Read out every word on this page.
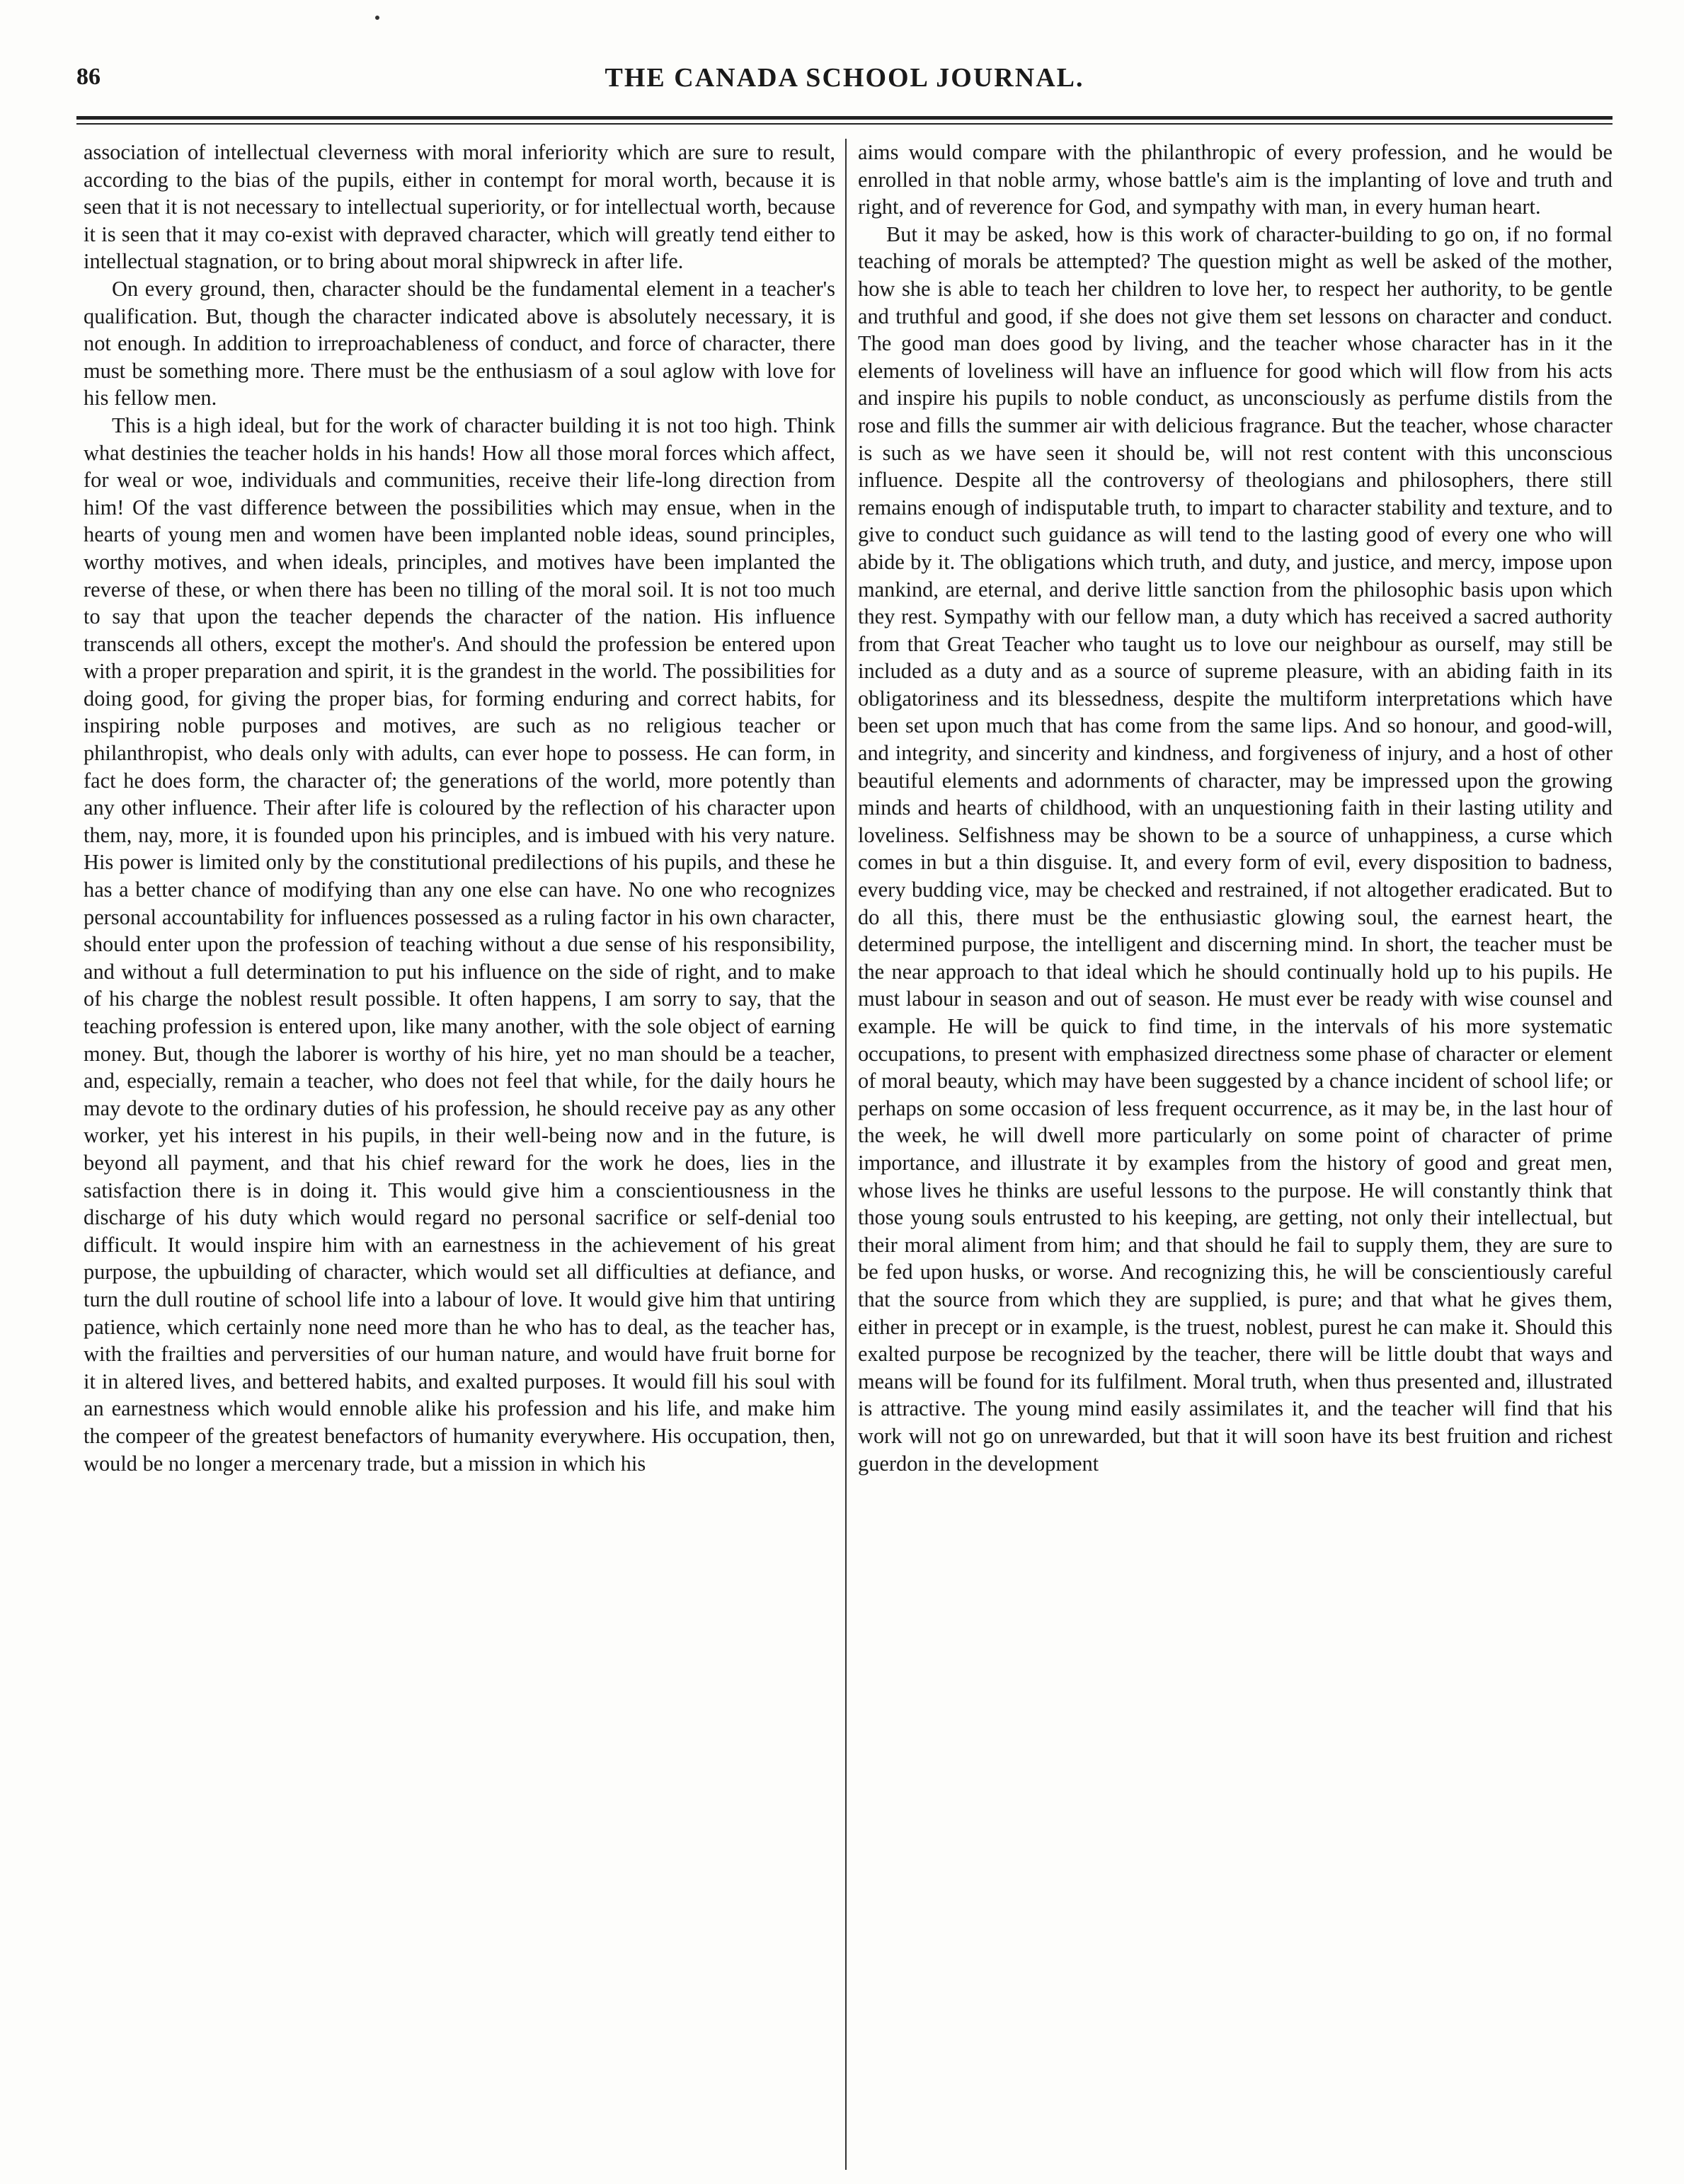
86	THE CANADA SCHOOL JOURNAL.

association of intellectual cleverness with moral inferiority which are sure to result, according to the bias of the pupils, either in contempt for moral worth, because it is seen that it is not necessary to intellectual superiority, or for intellectual worth, because it is seen that it may co-exist with depraved character, which will greatly tend either to intellectual stagnation, or to bring about moral shipwreck in after life.

On every ground, then, character should be the fundamental element in a teacher's qualification. But, though the character indicated above is absolutely necessary, it is not enough. In addition to irreproachableness of conduct, and force of character, there must be something more. There must be the enthusiasm of a soul aglow with love for his fellow men.

This is a high ideal, but for the work of character building it is not too high. Think what destinies the teacher holds in his hands! How all those moral forces which affect, for weal or woe, individuals and communities, receive their life-long direction from him! Of the vast difference between the possibilities which may ensue, when in the hearts of young men and women have been implanted noble ideas, sound principles, worthy motives, and when ideals, principles, and motives have been implanted the reverse of these, or when there has been no tilling of the moral soil. It is not too much to say that upon the teacher depends the character of the nation. His influence transcends all others, except the mother's. And should the profession be entered upon with a proper preparation and spirit, it is the grandest in the world. The possibilities for doing good, for giving the proper bias, for forming enduring and correct habits, for inspiring noble purposes and motives, are such as no religious teacher or philanthropist, who deals only with adults, can ever hope to possess. He can form, in fact he does form, the character of; the generations of the world, more potently than any other influence. Their after life is coloured by the reflection of his character upon them, nay, more, it is founded upon his principles, and is imbued with his very nature. His power is limited only by the constitutional predilections of his pupils, and these he has a better chance of modifying than any one else can have. No one who recognizes personal accountability for influences possessed as a ruling factor in his own character, should enter upon the profession of teaching without a due sense of his responsibility, and without a full determination to put his influence on the side of right, and to make of his charge the noblest result possible. It often happens, I am sorry to say, that the teaching profession is entered upon, like many another, with the sole object of earning money. But, though the laborer is worthy of his hire, yet no man should be a teacher, and, especially, remain a teacher, who does not feel that while, for the daily hours he may devote to the ordinary duties of his profession, he should receive pay as any other worker, yet his interest in his pupils, in their well-being now and in the future, is beyond all payment, and that his chief reward for the work he does, lies in the satisfaction there is in doing it. This would give him a conscientiousness in the discharge of his duty which would regard no personal sacrifice or self-denial too difficult. It would inspire him with an earnestness in the achievement of his great purpose, the upbuilding of character, which would set all difficulties at defiance, and turn the dull routine of school life into a labour of love. It would give him that untiring patience, which certainly none need more than he who has to deal, as the teacher has, with the frailties and perversities of our human nature, and would have fruit borne for it in altered lives, and bettered habits, and exalted purposes. It would fill his soul with an earnestness which would ennoble alike his profession and his life, and make him the compeer of the greatest benefactors of humanity everywhere. His occupation, then, would be no longer a mercenary trade, but a mission in which his

aims would compare with the philanthropic of every profession, and he would be enrolled in that noble army, whose battle's aim is the implanting of love and truth and right, and of reverence for God, and sympathy with man, in every human heart.

But it may be asked, how is this work of character-building to go on, if no formal teaching of morals be attempted? The question might as well be asked of the mother, how she is able to teach her children to love her, to respect her authority, to be gentle and truthful and good, if she does not give them set lessons on character and conduct. The good man does good by living, and the teacher whose character has in it the elements of loveliness will have an influence for good which will flow from his acts and inspire his pupils to noble conduct, as unconsciously as perfume distils from the rose and fills the summer air with delicious fragrance. But the teacher, whose character is such as we have seen it should be, will not rest content with this unconscious influence. Despite all the controversy of theologians and philosophers, there still remains enough of indisputable truth, to impart to character stability and texture, and to give to conduct such guidance as will tend to the lasting good of every one who will abide by it. The obligations which truth, and duty, and justice, and mercy, impose upon mankind, are eternal, and derive little sanction from the philosophic basis upon which they rest. Sympathy with our fellow man, a duty which has received a sacred authority from that Great Teacher who taught us to love our neighbour as ourself, may still be included as a duty and as a source of supreme pleasure, with an abiding faith in its obligatoriness and its blessedness, despite the multiform interpretations which have been set upon much that has come from the same lips. And so honour, and good-will, and integrity, and sincerity and kindness, and forgiveness of injury, and a host of other beautiful elements and adornments of character, may be impressed upon the growing minds and hearts of childhood, with an unquestioning faith in their lasting utility and loveliness. Selfishness may be shown to be a source of unhappiness, a curse which comes in but a thin disguise. It, and every form of evil, every disposition to badness, every budding vice, may be checked and restrained, if not altogether eradicated. But to do all this, there must be the enthusiastic glowing soul, the earnest heart, the determined purpose, the intelligent and discerning mind. In short, the teacher must be the near approach to that ideal which he should continually hold up to his pupils. He must labour in season and out of season. He must ever be ready with wise counsel and example. He will be quick to find time, in the intervals of his more systematic occupations, to present with emphasized directness some phase of character or element of moral beauty, which may have been suggested by a chance incident of school life; or perhaps on some occasion of less frequent occurrence, as it may be, in the last hour of the week, he will dwell more particularly on some point of character of prime importance, and illustrate it by examples from the history of good and great men, whose lives he thinks are useful lessons to the purpose. He will constantly think that those young souls entrusted to his keeping, are getting, not only their intellectual, but their moral aliment from him; and that should he fail to supply them, they are sure to be fed upon husks, or worse. And recognizing this, he will be conscientiously careful that the source from which they are supplied, is pure; and that what he gives them, either in precept or in example, is the truest, noblest, purest he can make it. Should this exalted purpose be recognized by the teacher, there will be little doubt that ways and means will be found for its fulfilment. Moral truth, when thus presented and, illustrated is attractive. The young mind easily assimilates it, and the teacher will find that his work will not go on unrewarded, but that it will soon have its best fruition and richest guerdon in the development
